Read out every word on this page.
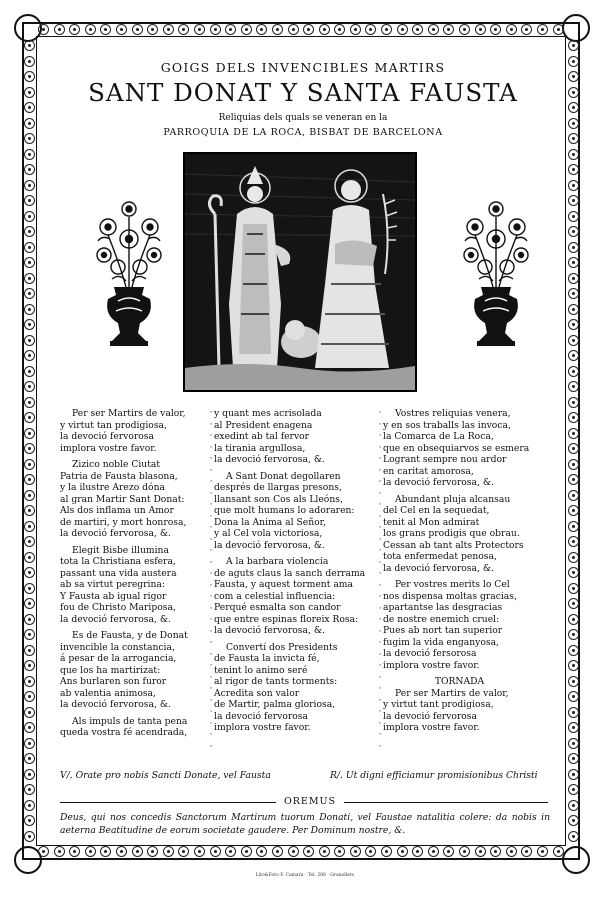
GOIGS DELS INVENCIBLES MARTIRS
SANT DONAT Y SANTA FAUSTA
Reliquias dels quals se veneran en la
PARROQUIA DE LA ROCA, BISBAT DE BARCELONA
·
·
·
·
·
·
·
·
·
·
·
·
·
·
·
·
·
·
·
·
·
·
·
·
·
·
·
·
·
·
·
·
·
·
·
·
·
·
·
·
·
·
·
·
·
·
·
·
·
·
·
·
·
·
·
·
·
·
·
·
Per ser Martirs de valor,
y virtut tan prodigiosa,
la devoció fervorosa
implora vostre favor.
Zizico noble Ciutat
Patria de Fausta blasona,
y la ilustre Arezo dóna
al gran Martir Sant Donat:
Als dos inflama un Amor
de martiri, y mort honrosa,
la devoció fervorosa, &.
Elegit Bisbe illumina
tota la Christiana esfera,
passant una vida austera
ab sa virtut peregrina:
Y Fausta ab igual rigor
fou de Christo Mariposa,
la devoció fervorosa, &.
Es de Fausta, y de Donat
invencible la constancia,
á pesar de la arrogancia,
que los ha martirizat:
Ans burlaren son furor
ab valentia animosa,
la devoció fervorosa, &.
Als impuls de tanta pena
queda vostra fé acendrada,
y quant mes acrisolada
al President enagena
exedint ab tal fervor
la tirania argullosa,
la devoció fervorosa, &.
A Sant Donat degollaren
després de llargas presons,
llansant son Cos als Lleóns,
que molt humans lo adoraren:
Dona la Anima al Señor,
y al Cel vola victoriosa,
la devoció fervorosa, &.
A la barbara violencia
de aguts claus la sanch derrama
Fausta, y aquest torment ama
com a celestial influencia:
Perqué esmalta son candor
que entre espinas floreix Rosa:
la devoció fervorosa, &.
Convertí dos Presidents
de Fausta la invicta fé,
tenint lo animo seré
al rigor de tants torments:
Acredita son valor
de Martir, palma gloriosa,
la devoció fervorosa
implora vostre favor.
Vostres reliquias venera,
y en sos traballs las invoca,
la Comarca de La Roca,
que en obsequiarvos se esmera
Logrant sempre nou ardor
en caritat amorosa,
la devoció fervorosa, &.
Abundant pluja alcansau
del Cel en la sequedat,
tenit al Mon admirat
los grans prodigis que obrau.
Cessan ab tant alts Protectors
tota enfermedat penosa,
la devoció fervorosa, &.
Per vostres merits lo Cel
nos dispensa moltas gracias,
apartantse las desgracias
de nostre enemich cruel:
Pues ab nort tan superior
fugim la vida enganyosa,
la devoció fersorosa
implora vostre favor.
TORNADA
Per ser Martirs de valor,
y virtut tant prodigiosa,
la devoció fervorosa
implora vostre favor.
V/. Orate pro nobis Sancti Donate, vel Fausta	R/. Ut digni efficiamur promisionibus Christi
OREMUS
Deus, qui nos concedis Sanctorum Martirum tuorum Donati, vel Faustae natalitia colere: da nobis in aeterna Beatitudine de eorum societate gaudere. Per Dominum nostre, &.
Lito&Foto F. Camara · Tel. 208 · Granollers
